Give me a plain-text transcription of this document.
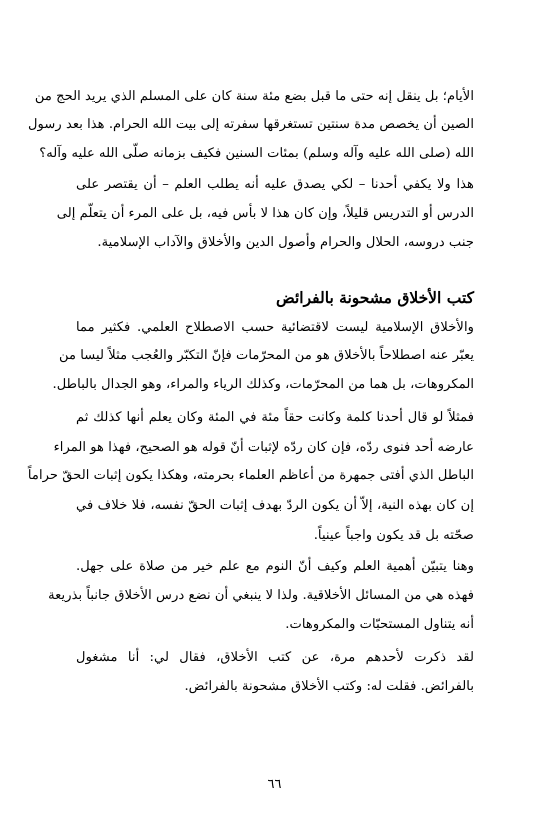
الأيام؛ بل ينقل إنه حتى ما قبل بضع مئة سنة كان على المسلم الذي يريد الحج من
الصين أن يخصص مدة سنتين تستغرقها سفرته إلى بيت الله الحرام. هذا بعد رسول
الله (صلى الله عليه وآله وسلم) بمئات السنين فكيف بزمانه صلّى الله عليه وآله؟
هذا ولا يكفي أحدنا – لكي يصدق عليه أنه يطلب العلم – أن يقتصر على
الدرس أو التدريس قليلاً، وإن كان هذا لا بأس فيه، بل على المرء أن يتعلّم إلى
جنب دروسه، الحلال والحرام وأصول الدين والأخلاق والآداب الإسلامية.
كتب الأخلاق مشحونة بالفرائض
والأخلاق الإسلامية ليست لاقتضائية حسب الاصطلاح العلمي. فكثير مما
يعبّر عنه اصطلاحاً بالأخلاق هو من المحرّمات فإنّ التكبّر والعُجب مثلاً ليسا من
المكروهات، بل هما من المحرّمات، وكذلك الرياء والمراء، وهو الجدال بالباطل.
فمثلاً لو قال أحدنا كلمة وكانت حقاً مئة في المئة وكان يعلم أنها كذلك ثم
عارضه أحد فنوى ردّه، فإن كان ردّه لإثبات أنّ قوله هو الصحيح، فهذا هو المراء
الباطل الذي أفتى جمهرة من أعاظم العلماء بحرمته، وهكذا يكون إثبات الحقّ حراماً
إن كان بهذه النية، إلاّ أن يكون الردّ بهدف إثبات الحقّ نفسه، فلا خلاف في
صحّته بل قد يكون واجباً عينياً.
وهنا يتبيّن أهمية العلم وكيف أنّ النوم مع علم خير من صلاة على جهل.
فهذه هي من المسائل الأخلاقية. ولذا لا ينبغي أن نضع درس الأخلاق جانباً بذريعة
أنه يتناول المستحبّات والمكروهات.
لقد ذكرت لأحدهم مرة، عن كتب الأخلاق، فقال لي: أنا مشغول
بالفرائض. فقلت له: وكتب الأخلاق مشحونة بالفرائض.
٦٦
